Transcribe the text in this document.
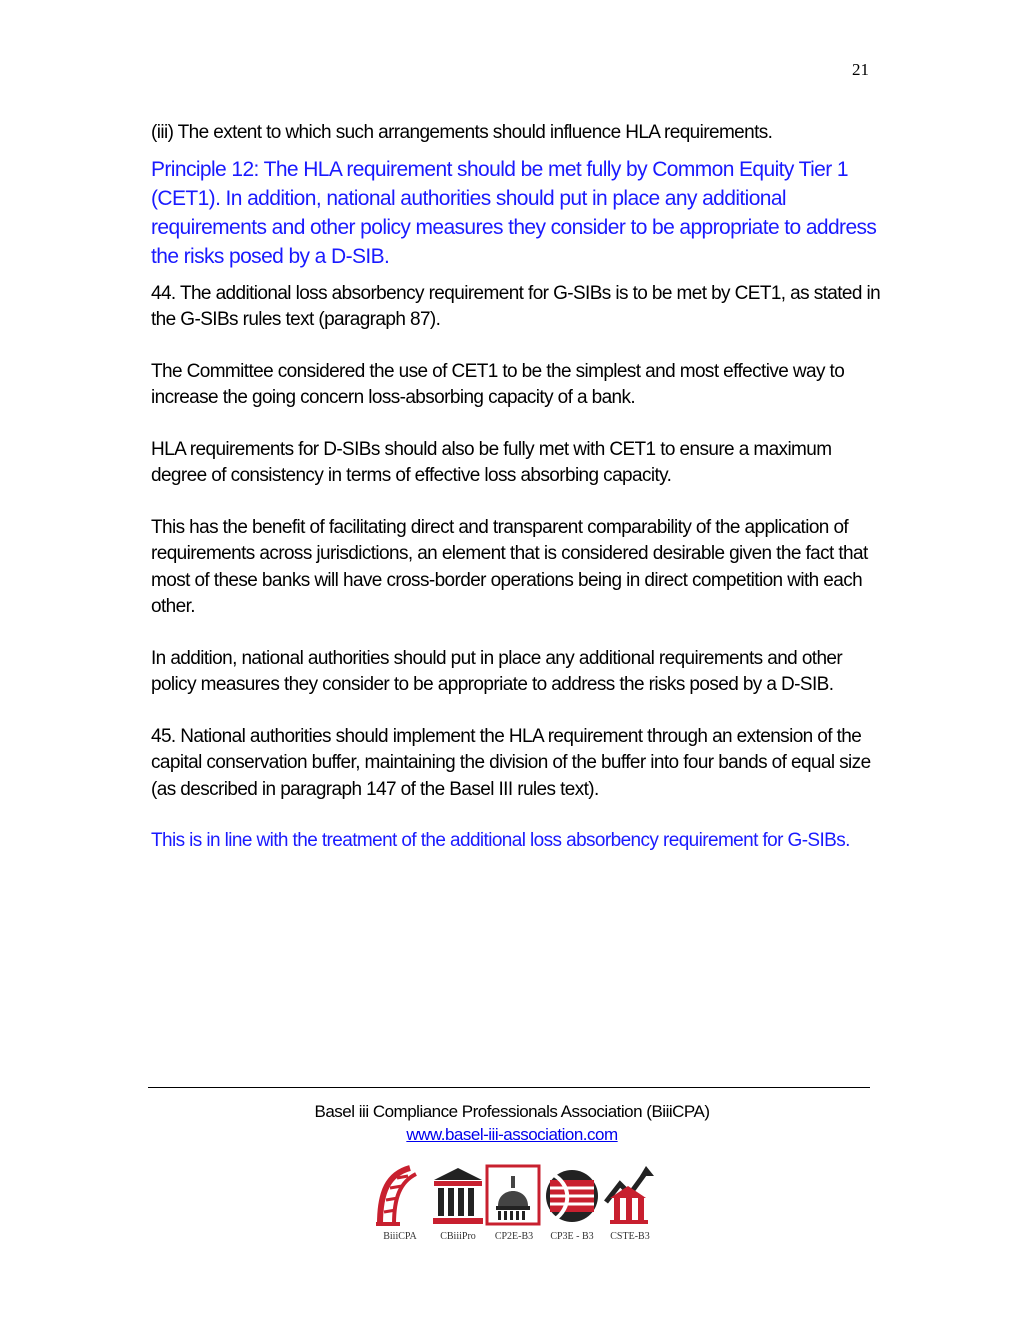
21

(iii) The extent to which such arrangements should influence HLA requirements.

Principle 12: The HLA requirement should be met fully by Common Equity Tier 1 (CET1). In addition, national authorities should put in place any additional requirements and other policy measures they consider to be appropriate to address the risks posed by a D-SIB.

44. The additional loss absorbency requirement for G-SIBs is to be met by CET1, as stated in the G-SIBs rules text (paragraph 87).

The Committee considered the use of CET1 to be the simplest and most effective way to increase the going concern loss-absorbing capacity of a bank.

HLA requirements for D-SIBs should also be fully met with CET1 to ensure a maximum degree of consistency in terms of effective loss absorbing capacity.

This has the benefit of facilitating direct and transparent comparability of the application of requirements across jurisdictions, an element that is considered desirable given the fact that most of these banks will have cross-border operations being in direct competition with each other.

In addition, national authorities should put in place any additional requirements and other policy measures they consider to be appropriate to address the risks posed by a D-SIB.

45. National authorities should implement the HLA requirement through an extension of the capital conservation buffer, maintaining the division of the buffer into four bands of equal size (as described in paragraph 147 of the Basel III rules text).

This is in line with the treatment of the additional loss absorbency requirement for G-SIBs.

Basel iii Compliance Professionals Association (BiiiCPA)
www.basel-iii-association.com
BiiiCPA	CBiiiPro	CP2E-B3	CP3E - B3	CSTE-B3
